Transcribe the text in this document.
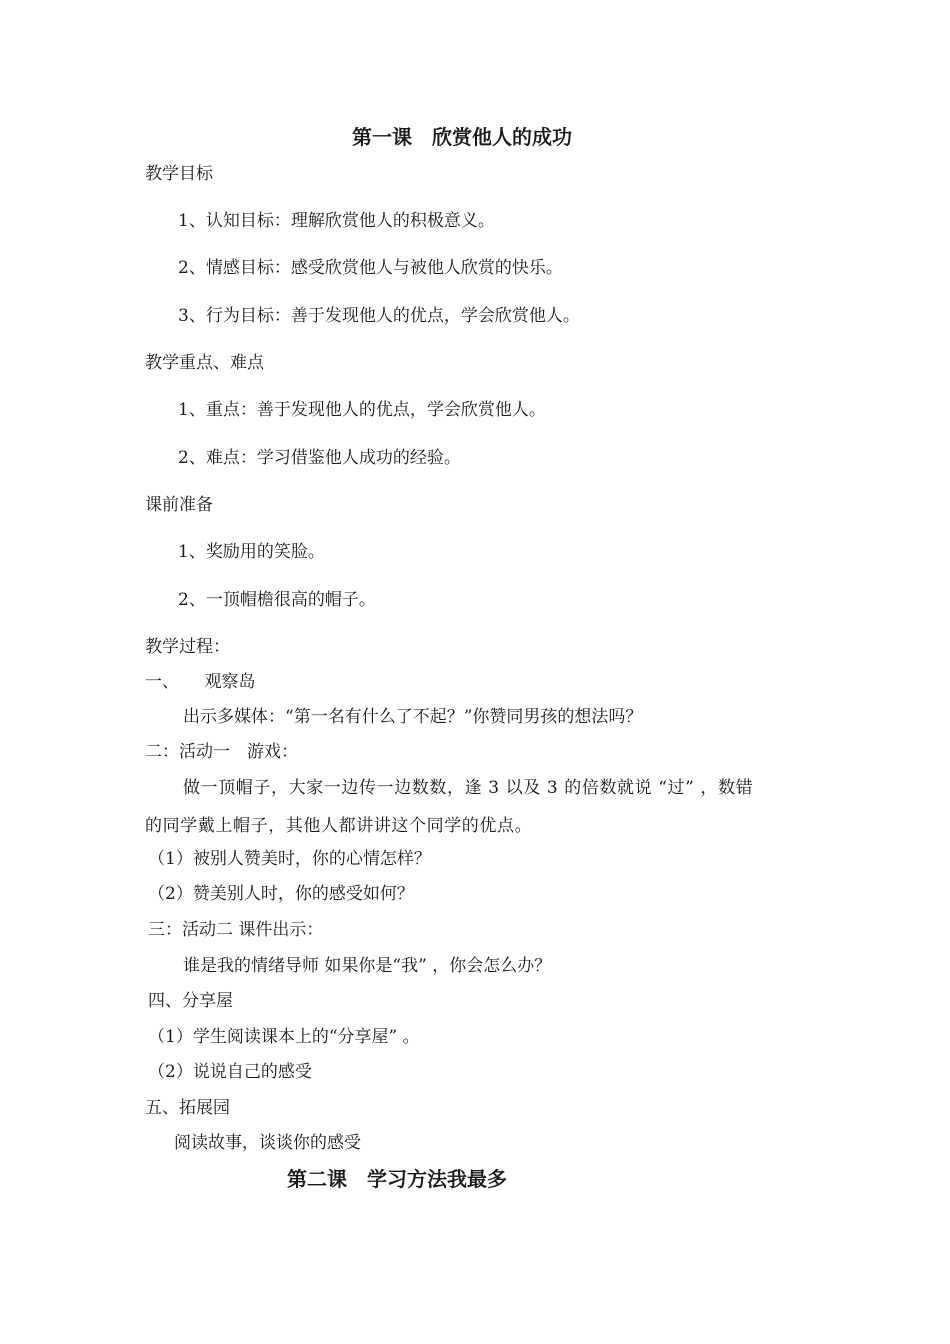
第一课　欣赏他人的成功
教学目标
1、认知目标：理解欣赏他人的积极意义。
2、情感目标：感受欣赏他人与被他人欣赏的快乐。
3、行为目标：善于发现他人的优点，学会欣赏他人。
教学重点、难点
1、重点：善于发现他人的优点，学会欣赏他人。
2、难点：学习借鉴他人成功的经验。
课前准备
1、奖励用的笑脸。
2、一顶帽檐很高的帽子。
教学过程：
一、　　观察岛
出示多媒体：“第一名有什么了不起？”你赞同男孩的想法吗？
二：活动一　游戏：
做一顶帽子，大家一边传一边数数，逢 3 以及 3 的倍数就说 “过” ，数错
的同学戴上帽子，其他人都讲讲这个同学的优点。
（1）被别人赞美时，你的心情怎样？
（2）赞美别人时，你的感受如何？
三：活动二 课件出示：
谁是我的情绪导师 如果你是“我” ，你会怎么办？
四、分享屋
（1）学生阅读课本上的“分享屋” 。
（2）说说自己的感受
五、拓展园
阅读故事，谈谈你的感受
第二课　学习方法我最多
